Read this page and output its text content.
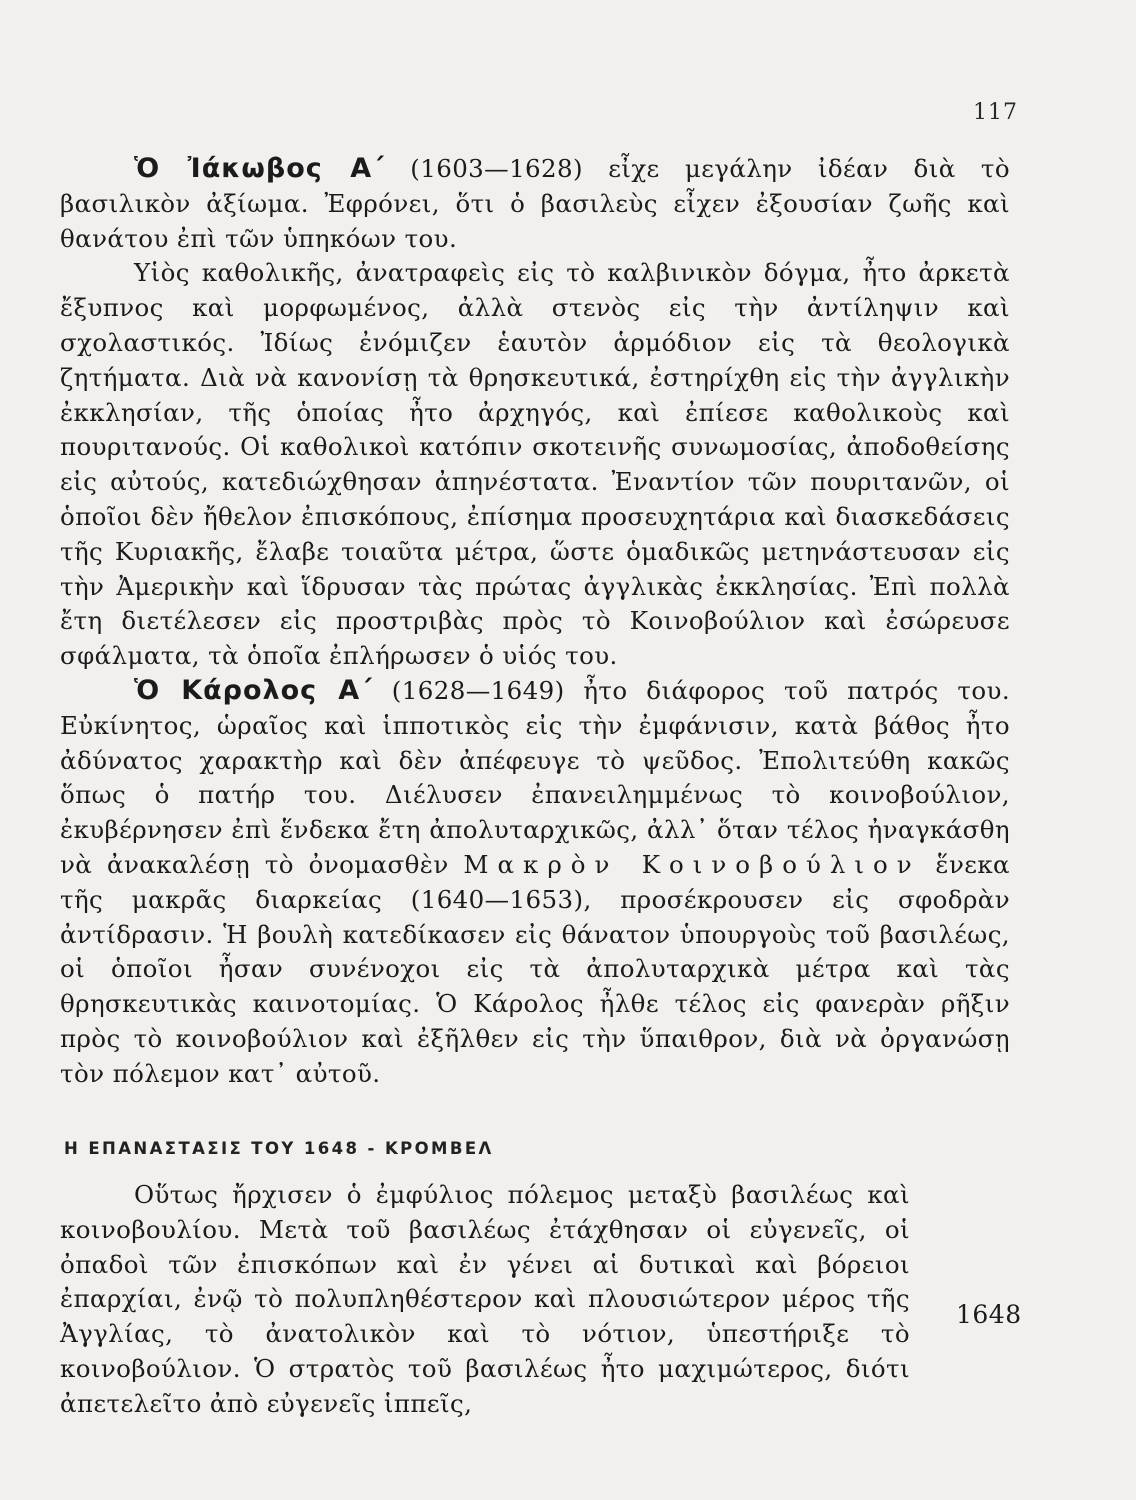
117

Ὁ Ἰάκωβος Α΄ (1603—1628) εἶχε μεγάλην ἰδέαν διὰ τὸ βασιλικὸν ἀξίωμα. Ἐφρόνει, ὅτι ὁ βασιλεὺς εἶχεν ἐξουσίαν ζωῆς καὶ θανάτου ἐπὶ τῶν ὑπηκόων του.

Υἱὸς καθολικῆς, ἀνατραφεὶς εἰς τὸ καλβινικὸν δόγμα, ἦτο ἀρκετὰ ἔξυπνος καὶ μορφωμένος, ἀλλὰ στενὸς εἰς τὴν ἀντίληψιν καὶ σχολαστικός. Ἰδίως ἐνόμιζεν ἑαυτὸν ἁρμόδιον εἰς τὰ θεολογικὰ ζητήματα. Διὰ νὰ κανονίσῃ τὰ θρησκευτικά, ἐστηρίχθη εἰς τὴν ἀγγλικὴν ἐκκλησίαν, τῆς ὁποίας ἦτο ἀρχηγός, καὶ ἐπίεσε καθολικοὺς καὶ πουριτανούς. Οἱ καθολικοὶ κατόπιν σκοτεινῆς συνωμοσίας, ἀποδοθείσης εἰς αὐτούς, κατεδιώχθησαν ἀπηνέστατα. Ἐναντίον τῶν πουριτανῶν, οἱ ὁποῖοι δὲν ἤθελον ἐπισκόπους, ἐπίσημα προσευχητάρια καὶ διασκεδάσεις τῆς Κυριακῆς, ἔλαβε τοιαῦτα μέτρα, ὥστε ὁμαδικῶς μετηνάστευσαν εἰς τὴν Ἀμερικὴν καὶ ἵδρυσαν τὰς πρώτας ἀγγλικὰς ἐκκλησίας. Ἐπὶ πολλὰ ἔτη διετέλεσεν εἰς προστριβὰς πρὸς τὸ Κοινοβούλιον καὶ ἐσώρευσε σφάλματα, τὰ ὁποῖα ἐπλήρωσεν ὁ υἱός του.

Ὁ Κάρολος Α΄ (1628—1649) ἦτο διάφορος τοῦ πατρός του. Εὐκίνητος, ὡραῖος καὶ ἱπποτικὸς εἰς τὴν ἐμφάνισιν, κατὰ βάθος ἦτο ἀδύνατος χαρακτὴρ καὶ δὲν ἀπέφευγε τὸ ψεῦδος. Ἐπολιτεύθη κακῶς ὅπως ὁ πατήρ του. Διέλυσεν ἐπανειλημμένως τὸ κοινοβούλιον, ἐκυβέρνησεν ἐπὶ ἕνδεκα ἔτη ἀπολυταρχικῶς, ἀλλ᾿ ὅταν τέλος ἠναγκάσθη νὰ ἀνακαλέσῃ τὸ ὀνομασθὲν Μακρὸν Κοινοβούλιον ἕνεκα τῆς μακρᾶς διαρκείας (1640—1653), προσέκρουσεν εἰς σφοδρὰν ἀντίδρασιν. Ἡ βουλὴ κατεδίκασεν εἰς θάνατον ὑπουργοὺς τοῦ βασιλέως, οἱ ὁποῖοι ἦσαν συνένοχοι εἰς τὰ ἀπολυταρχικὰ μέτρα καὶ τὰς θρησκευτικὰς καινοτομίας. Ὁ Κάρολος ἦλθε τέλος εἰς φανερὰν ρῆξιν πρὸς τὸ κοινοβούλιον καὶ ἐξῆλθεν εἰς τὴν ὕπαιθρον, διὰ νὰ ὀργανώσῃ τὸν πόλεμον κατ᾿ αὐτοῦ.

Η ΕΠΑΝΑΣΤΑΣΙΣ ΤΟΥ 1648 - ΚΡΟΜΒΕΛ

Οὕτως ἤρχισεν ὁ ἐμφύλιος πόλεμος μεταξὺ βασιλέως καὶ κοινοβουλίου. Μετὰ τοῦ βασιλέως ἐτάχθησαν οἱ εὐγενεῖς, οἱ ὀπαδοὶ τῶν ἐπισκόπων καὶ ἐν γένει αἱ δυτικαὶ καὶ βόρειοι ἐπαρχίαι, ἐνῷ τὸ πολυπληθέστερον καὶ πλουσιώτερον μέρος τῆς Ἀγγλίας, τὸ ἀνατολικὸν καὶ τὸ νότιον, ὑπεστήριξε τὸ κοινοβούλιον. Ὁ στρατὸς τοῦ βασιλέως ἦτο μαχιμώτερος, διότι ἀπετελεῖτο ἀπὸ εὐγενεῖς ἱππεῖς,

1648
